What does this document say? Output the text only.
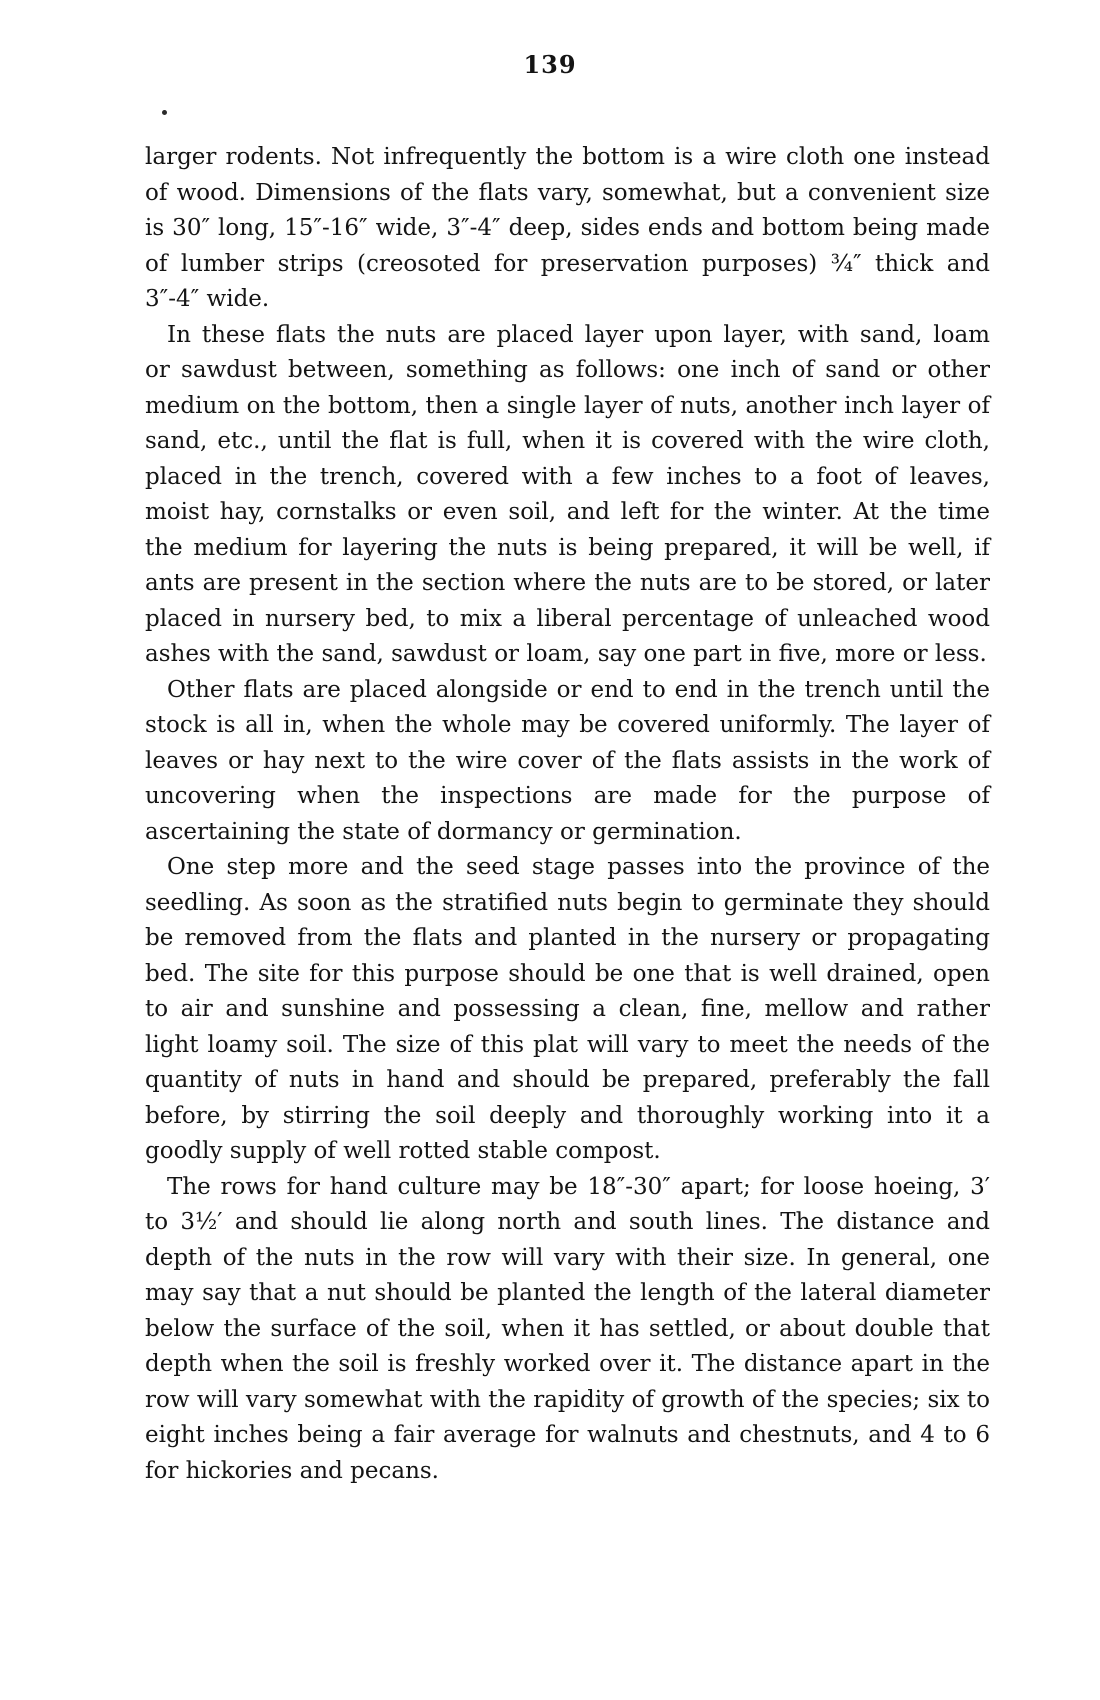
139

larger rodents. Not infrequently the bottom is a wire cloth one instead of wood. Dimensions of the flats vary, somewhat, but a convenient size is 30″ long, 15″-16″ wide, 3″-4″ deep, sides ends and bottom being made of lumber strips (creosoted for preservation purposes) ¾″ thick and 3″-4″ wide.

In these flats the nuts are placed layer upon layer, with sand, loam or sawdust between, something as follows: one inch of sand or other medium on the bottom, then a single layer of nuts, another inch layer of sand, etc., until the flat is full, when it is covered with the wire cloth, placed in the trench, covered with a few inches to a foot of leaves, moist hay, cornstalks or even soil, and left for the winter. At the time the medium for layering the nuts is being prepared, it will be well, if ants are present in the section where the nuts are to be stored, or later placed in nursery bed, to mix a liberal percentage of unleached wood ashes with the sand, sawdust or loam, say one part in five, more or less.

Other flats are placed alongside or end to end in the trench until the stock is all in, when the whole may be covered uniformly. The layer of leaves or hay next to the wire cover of the flats assists in the work of uncovering when the inspections are made for the purpose of ascertaining the state of dormancy or germination.

One step more and the seed stage passes into the province of the seedling. As soon as the stratified nuts begin to germinate they should be removed from the flats and planted in the nursery or propagating bed. The site for this purpose should be one that is well drained, open to air and sunshine and possessing a clean, fine, mellow and rather light loamy soil. The size of this plat will vary to meet the needs of the quantity of nuts in hand and should be prepared, preferably the fall before, by stirring the soil deeply and thoroughly working into it a goodly supply of well rotted stable compost.

The rows for hand culture may be 18″-30″ apart; for loose hoeing, 3′ to 3½′ and should lie along north and south lines. The distance and depth of the nuts in the row will vary with their size. In general, one may say that a nut should be planted the length of the lateral diameter below the surface of the soil, when it has settled, or about double that depth when the soil is freshly worked over it. The distance apart in the row will vary somewhat with the rapidity of growth of the species; six to eight inches being a fair average for walnuts and chestnuts, and 4 to 6 for hickories and pecans.
